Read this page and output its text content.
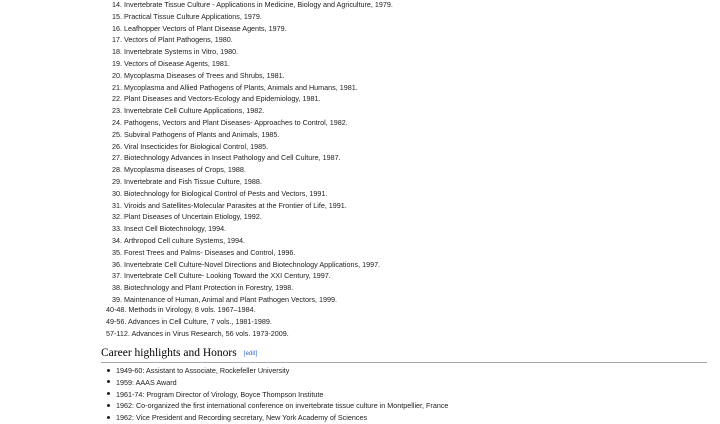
14. Invertebrate Tissue Culture - Applications in Medicine, Biology and Agriculture, 1979.
15. Practical Tissue Culture Applications, 1979.
16. Leafhopper Vectors of Plant Disease Agents, 1979.
17. Vectors of Plant Pathogens, 1980.
18. Invertebrate Systems in Vitro, 1980.
19. Vectors of Disease Agents, 1981.
20. Mycoplasma Diseases of Trees and Shrubs, 1981.
21. Mycoplasma and Allied Pathogens of Plants, Animals and Humans, 1981.
22. Plant Diseases and Vectors-Ecology and Epidemiology, 1981.
23. Invertebrate Cell Culture Applications, 1982.
24. Pathogens, Vectors and Plant Diseases- Approaches to Control, 1982.
25. Subviral Pathogens of Plants and Animals, 1985.
26. Viral Insecticides for Biological Control, 1985.
27. Biotechnology Advances in Insect Pathology and Cell Culture, 1987.
28. Mycoplasma diseases of Crops, 1988.
29. Invertebrate and Fish Tissue Culture, 1988.
30. Biotechnology for Biological Control of Pests and Vectors, 1991.
31. Viroids and Satellites-Molecular Parasites at the Frontier of Life, 1991.
32. Plant Diseases of Uncertain Etiology, 1992.
33. Insect Cell Biotechnology, 1994.
34. Arthropod Cell culture Systems, 1994.
35. Forest Trees and Palms- Diseases and Control, 1996.
36. Invertebrate Cell Culture-Novel Directions and Biotechnology Applications, 1997.
37. Invertebrate Cell Culture- Looking Toward the XXI Century, 1997.
38. Biotechnology and Plant Protection in Forestry, 1998.
39. Maintenance of Human, Animal and Plant Pathogen Vectors, 1999.
40-48. Methods in Virology, 8 vols. 1967–1984.
49-56. Advances in Cell Culture, 7 vols., 1981-1989.
57-112. Advances in Virus Research, 56 vols. 1973-2009.
Career highlights and Honors [edit]
1949-60: Assistant to Associate, Rockefeller University
1959: AAAS Award
1961-74: Program Director of Virology, Boyce Thompson Institute
1962: Co-organized the first international conference on invertebrate tissue culture in Montpellier, France
1962: Vice President and Recording secretary, New York Academy of Sciences
